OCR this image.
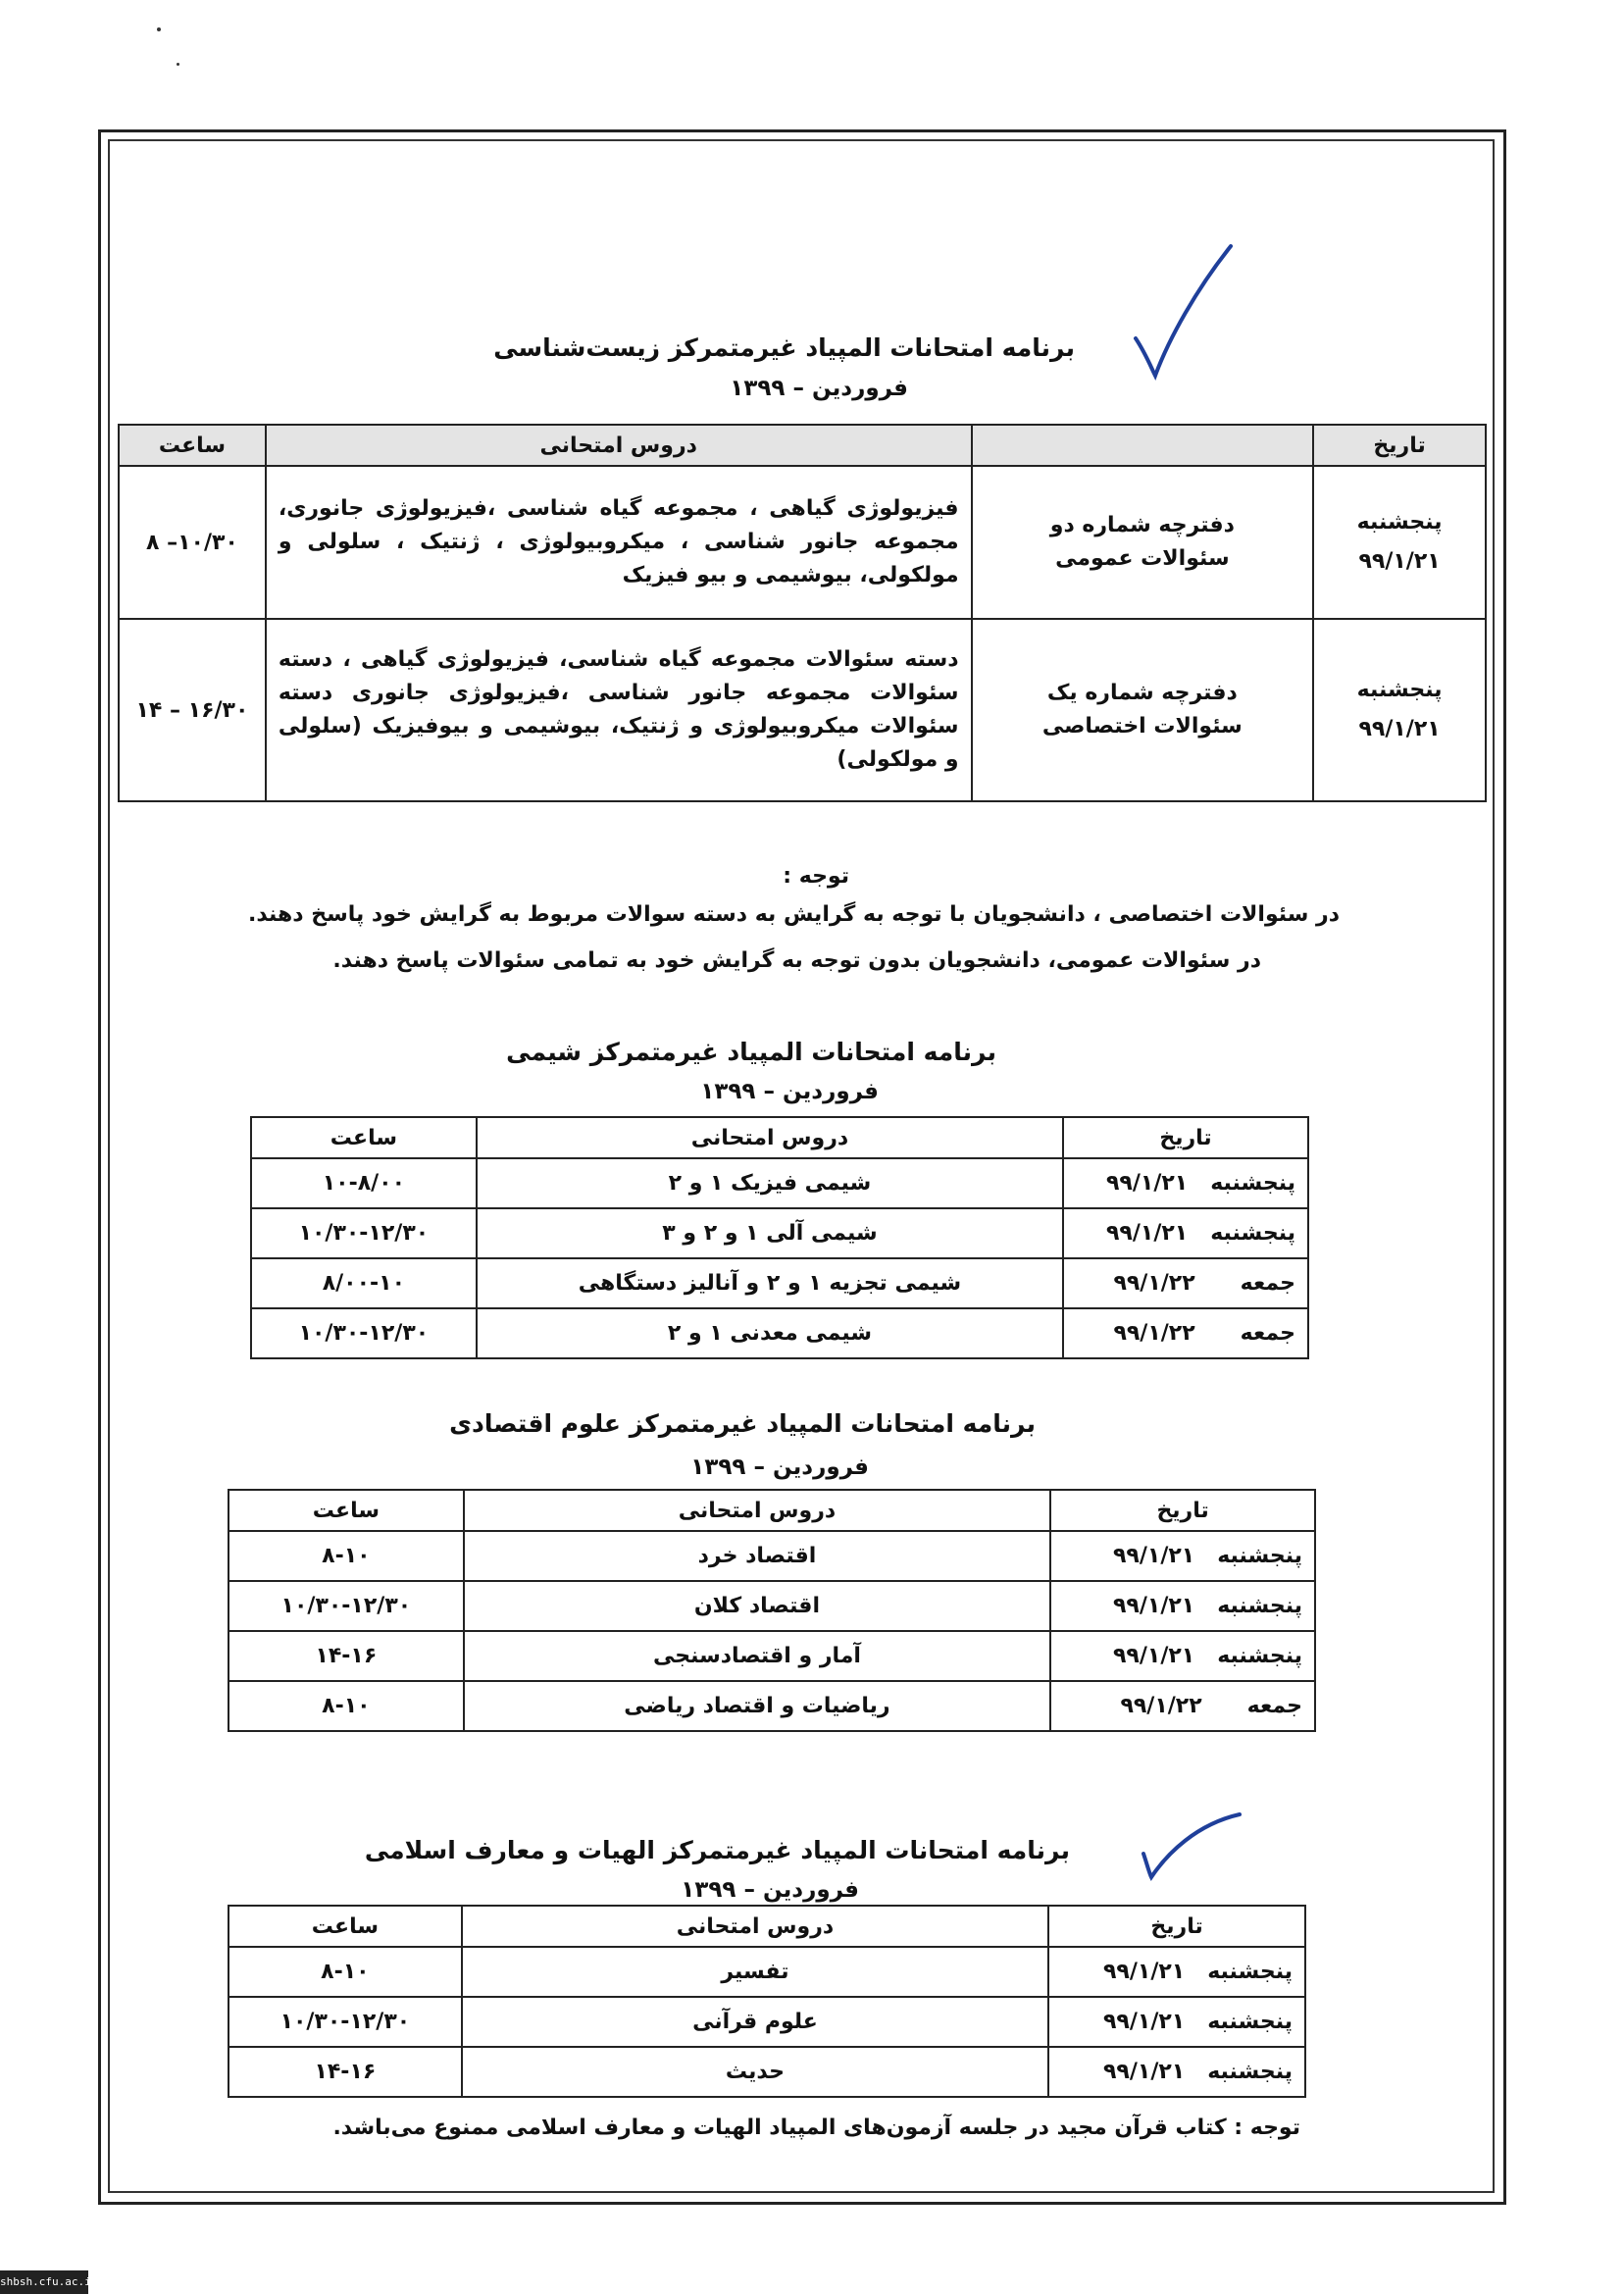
برنامه امتحانات المپیاد غیرمتمرکز زیست‌شناسی
فروردین – ۱۳۹۹
تاریخ		دروس امتحانی	ساعت

پنجشنبه
۹۹/۱/۲۱	دفترچه شماره دو سئوالات عمومی	فیزیولوژی گیاهی ، مجموعه گیاه شناسی ،فیزیولوژی جانوری، مجموعه جانور شناسی ، میکروبیولوژی ، ژنتیک ، سلولی و مولکولی، بیوشیمی و بیو فیزیک	۸ –۱۰/۳۰

پنجشنبه
۹۹/۱/۲۱	دفترچه شماره یک سئوالات اختصاصی	دسته سئوالات مجموعه گیاه شناسی، فیزیولوژی گیاهی ، دسته سئوالات مجموعه جانور شناسی ،فیزیولوژی جانوری دسته سئوالات میکروبیولوژی و ژنتیک، بیوشیمی و بیوفیزیک (سلولی و مولکولی)	۱۴ – ۱۶/۳۰
توجه :
در سئوالات اختصاصی ، دانشجویان با توجه به گرایش به دسته سوالات مربوط به گرایش خود پاسخ دهند.
در سئوالات عمومی، دانشجویان بدون توجه به گرایش خود به تمامی سئوالات پاسخ دهند.
برنامه امتحانات المپیاد غیرمتمرکز شیمی
فروردین – ۱۳۹۹
تاریخ	دروس امتحانی	ساعت
پنجشنبه   ۹۹/۱/۲۱	شیمی فیزیک ۱ و ۲	۱۰-۸/۰۰
پنجشنبه   ۹۹/۱/۲۱	شیمی آلی ۱ و ۲ و ۳	۱۰/۳۰-۱۲/۳۰
جمعه      ۹۹/۱/۲۲	شیمی تجزیه ۱ و ۲ و آنالیز دستگاهی	۸/۰۰-۱۰
جمعه      ۹۹/۱/۲۲	شیمی معدنی ۱ و ۲	۱۰/۳۰-۱۲/۳۰
برنامه امتحانات المپیاد غیرمتمرکز علوم اقتصادی
فروردین – ۱۳۹۹
تاریخ	دروس امتحانی	ساعت
پنجشنبه   ۹۹/۱/۲۱	اقتصاد خرد	۸-۱۰
پنجشنبه   ۹۹/۱/۲۱	اقتصاد کلان	۱۰/۳۰-۱۲/۳۰
پنجشنبه   ۹۹/۱/۲۱	آمار و اقتصادسنجی	۱۴-۱۶
جمعه      ۹۹/۱/۲۲	ریاضیات و اقتصاد ریاضی	۸-۱۰
برنامه امتحانات المپیاد غیرمتمرکز الهیات و معارف اسلامی
فروردین – ۱۳۹۹
تاریخ	دروس امتحانی	ساعت
پنجشنبه   ۹۹/۱/۲۱	تفسیر	۸-۱۰
پنجشنبه   ۹۹/۱/۲۱	علوم قرآنی	۱۰/۳۰-۱۲/۳۰
پنجشنبه   ۹۹/۱/۲۱	حدیث	۱۴-۱۶
توجه : کتاب قرآن مجید در جلسه آزمون‌های المپیاد الهیات و معارف اسلامی ممنوع می‌باشد.
shbsh.cfu.ac.ir
